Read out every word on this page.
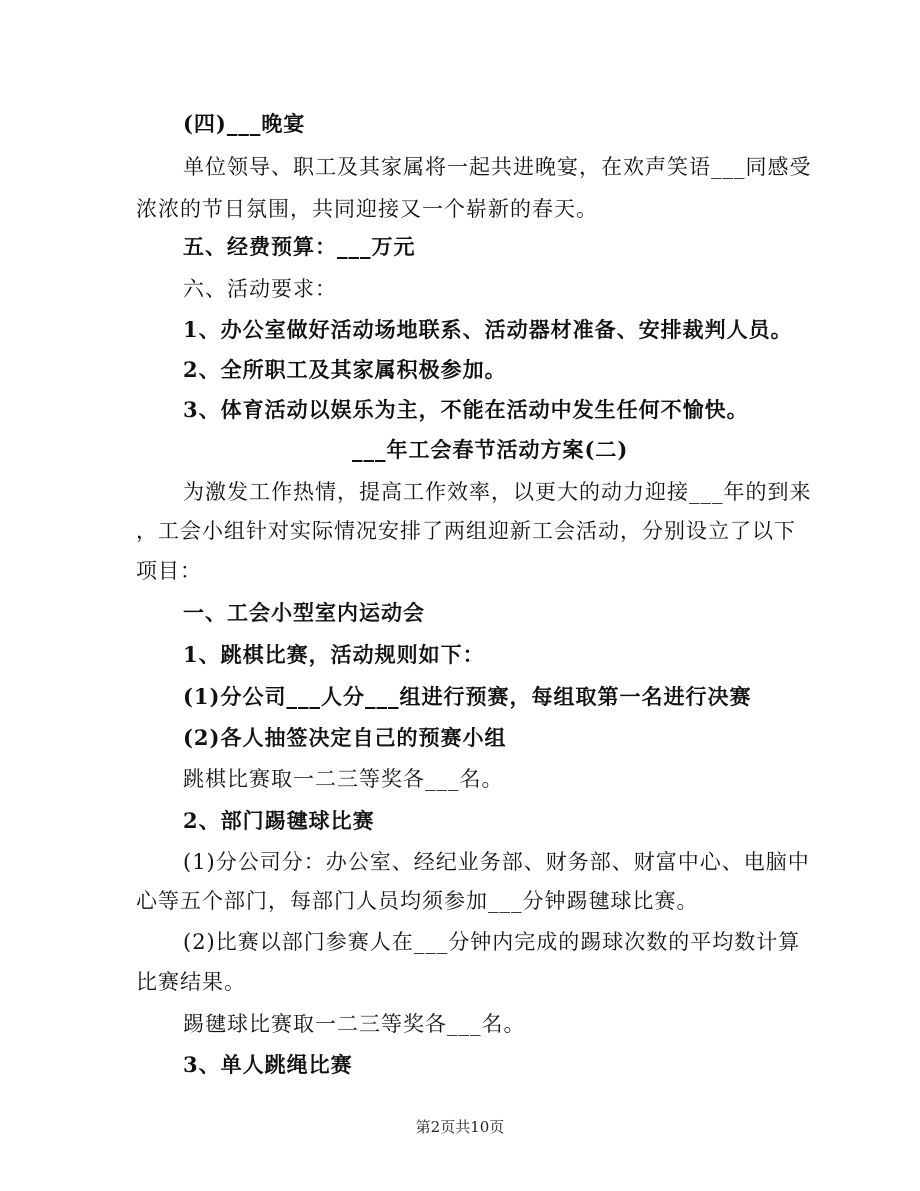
(四)___晚宴
单位领导、职工及其家属将一起共进晚宴，在欢声笑语___同感受
浓浓的节日氛围，共同迎接又一个崭新的春天。
五、经费预算：___万元
六、活动要求：
1、办公室做好活动场地联系、活动器材准备、安排裁判人员。
2、全所职工及其家属积极参加。
3、体育活动以娱乐为主，不能在活动中发生任何不愉快。
___年工会春节活动方案(二)
为激发工作热情，提高工作效率，以更大的动力迎接___年的到来
，工会小组针对实际情况安排了两组迎新工会活动，分别设立了以下
项目：
一、工会小型室内运动会
1、跳棋比赛，活动规则如下：
(1)分公司___人分___组进行预赛，每组取第一名进行决赛
(2)各人抽签决定自己的预赛小组
跳棋比赛取一二三等奖各___名。
2、部门踢毽球比赛
(1)分公司分：办公室、经纪业务部、财务部、财富中心、电脑中
心等五个部门，每部门人员均须参加___分钟踢毽球比赛。
(2)比赛以部门参赛人在___分钟内完成的踢球次数的平均数计算
比赛结果。
踢毽球比赛取一二三等奖各___名。
3、单人跳绳比赛
第2页共10页
